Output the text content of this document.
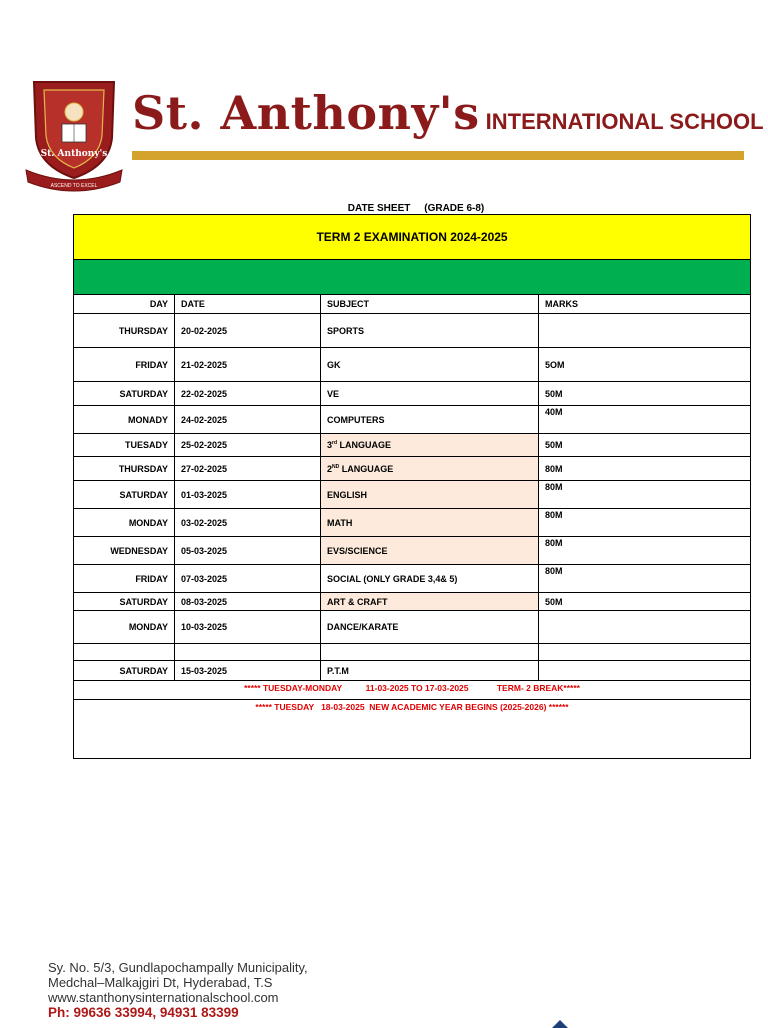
St. Anthony's
ASCEND TO EXCEL
St. Anthony's INTERNATIONAL SCHOOL
DATE SHEET     (GRADE 6-8)
TERM 2 EXAMINATION 2024-2025			

DAY	DATE	SUBJECT	MARKS
THURSDAY	20-02-2025	SPORTS	
FRIDAY	21-02-2025	GK	5OM
SATURDAY	22-02-2025	VE	50M
MONADY	24-02-2025	COMPUTERS	40M
TUESADY	25-02-2025	3rd LANGUAGE	50M
THURSDAY	27-02-2025	2ND LANGUAGE	80M
SATURDAY	01-03-2025	ENGLISH	80M
MONDAY	03-02-2025	MATH	80M
WEDNESDAY	05-03-2025	EVS/SCIENCE	80M
FRIDAY	07-03-2025	SOCIAL (ONLY GRADE 3,4& 5)	80M
SATURDAY	08-03-2025	ART & CRAFT	50M
MONDAY	10-03-2025	DANCE/KARATE	

SATURDAY	15-03-2025	P.T.M	
***** TUESDAY-MONDAY          11-03-2025 TO 17-03-2025            TERM- 2 BREAK*****			
***** TUESDAY   18-03-2025  NEW ACADEMIC YEAR BEGINS (2025-2026) ******			
Sy. No. 5/3, Gundlapochampally Municipality,
Medchal–Malkajgiri Dt, Hyderabad, T.S
www.stanthonysinternationalschool.com
Ph: 99636 33994, 94931 83399
